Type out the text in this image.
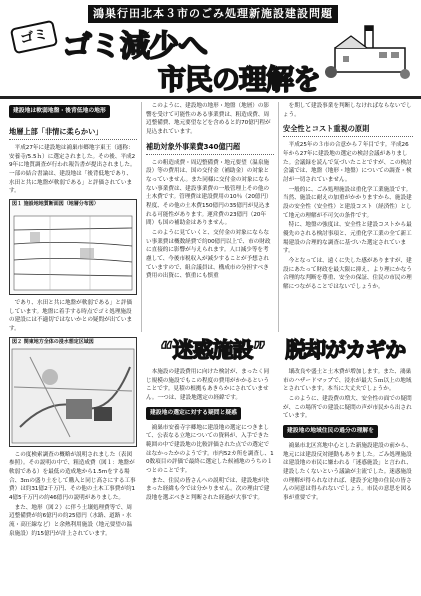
鴻巣行田北本３市のごみ処理新施設建設問題
ゴミ ゴミ減少へ
市民の理解を
建設地は軟弱地盤・後背低地の地形
地層上部「非情に柔らかい」
平成27年に建設地は鴻巣市郷地字東王（通称：安養寺/5.5ｈ）に選定されました。その後、平成29年に地質調査が行われ報告書が提出されました。一部の結合書論は、建設地は「後背低地であり、水田と共に地盤が軟弱である」と評価されています。
図１ 施設地地質断面図（地層分布図）
であり、水田と共に地盤が軟弱である」と評価しています。地盤に着手する時点でゴミ処理施設の建設には不適切ではないかとの疑問が出ています。
図２ 関東地方全体の浸水想定区域図
この度検索調査の概略が説明されました（表図参照）。その説明の中で、粗造成費（図１：地盤が軟弱である）を最低の造成地から1.5mをする場合、3ｍの盛り土をして購入と同じ高さにする工事費）は約31億2千万円、その他の土木工事費が約14億5千万円の約46億円の説明がありました。
また、地形（図２）に伴う土壌処理費等で、周辺整備費が約6億円の約25億円（水路、道路・水流・高圧線など）と余熱利用施設（地元要望の温泉施設）約15億円が計上されています。
このように、建設地の地形・地盤（地層）の影響を受けて可能性のある事業費は、粗造成費、周辺整備費、地元要望などを含めると約70億円程が見込まれています。
補助対象外事業費340億円超
この粗造成費・周辺整備費・地元要望（温泉施設）等の費用は、国の交付金（補助金）の対象となっていません。また同様に交付金の対象にならない事業費は、建設事業費の一般管理上その他の土木費です。管理費は建設費用の10％（20億円）程度、その他の土木費150億円の35億円が見込まれる可能性があります。運営費の23億円（20年間）も国の補助金はありません。
このように見ていくと、交付金の対象にならない事業費は概数経費で約00億円以上で、市の財政に直接的に影響が与えられます。人口減少等を考慮して、今後市税収入が減少することが予想されていますので、組合議員は、構成市の分担すべき費用の出資に、慎重にも慎重
を期して建設事業を判断しなければならないでしょう。
安全性とコスト重視の原則
平成25年の３市の合意から７年目です。平成26年から27年に建設地の選定の検討会議がありました。会議録を読んで気づいたことですが、この検討会議では、地盤（地形・地盤）についての調査・検討が一切されていません。
一般的に、ごみ処理施設は重化学工業施設です。当然、施設に耐えの加重がかかりますから、施設建設の安全性（安全性）と建設コスト（経済性）として地元の理解が不可欠の条件です。
特に、地盤の強度は、安全性と建設コストから最優先のされる検討事項と、元重化学工業の全て新工場建設の合理的な調査に基づいた選定されています。
今となっては、遠くに失した感がありますが、建設にあたって財政を最大限に抑え、より理にかなう合理的な判断を尊重、安全の保証、住民の市民の理解につながることではないでしょうか。
“迷惑施設”　脱却がカギか
本施設の建設費用に向けた検討が、まったく同じ規模の施設でもこの程度の費用がかかるということです。見積の根拠もあきらかにされていません。一つは、建設地選定の経緯です。
建設地の選定に対する疑問と疑惑
鴻巣市安養寺字郷地に建設地の選定につきまして、公表なる立地についての資料が、入手できた範囲の中で建設地の比較評価された点での選定ではなかったかのようです。市内52カ所を調査し、10数項目の評価で最終に選定した候補地のうちの１つとのことです。
また、住民の皆さんへの説明では、建設地が決まった経緯も今では分かりません。次の理由で建設地を選ぶべきと判断された経過が大事です。
壌改良や盛土と土木費が増加します。また、鴻巣市のハザードマップで、浸水が最大５ｍ以上の地域とされています。本当に大丈夫でしょうか。
このように、建設費の増大、安全性の面での疑問が、この場所での建設に疑問の声が市民から出されています。
建設地の地域住民の過分の理解を
鴻巣市北区宮地中心とした新施設建設の前から、地元には建設反対運動もありました。ごみ処理施設は建設地の市民に嫌われる「迷惑施設」と言われ、建設したくないという議論が主流でした。迷惑施設の理解が得られなければ、建設予定地の住民の皆さんの同意は得られないでしょう。市民の意思を図る事が重要です。
